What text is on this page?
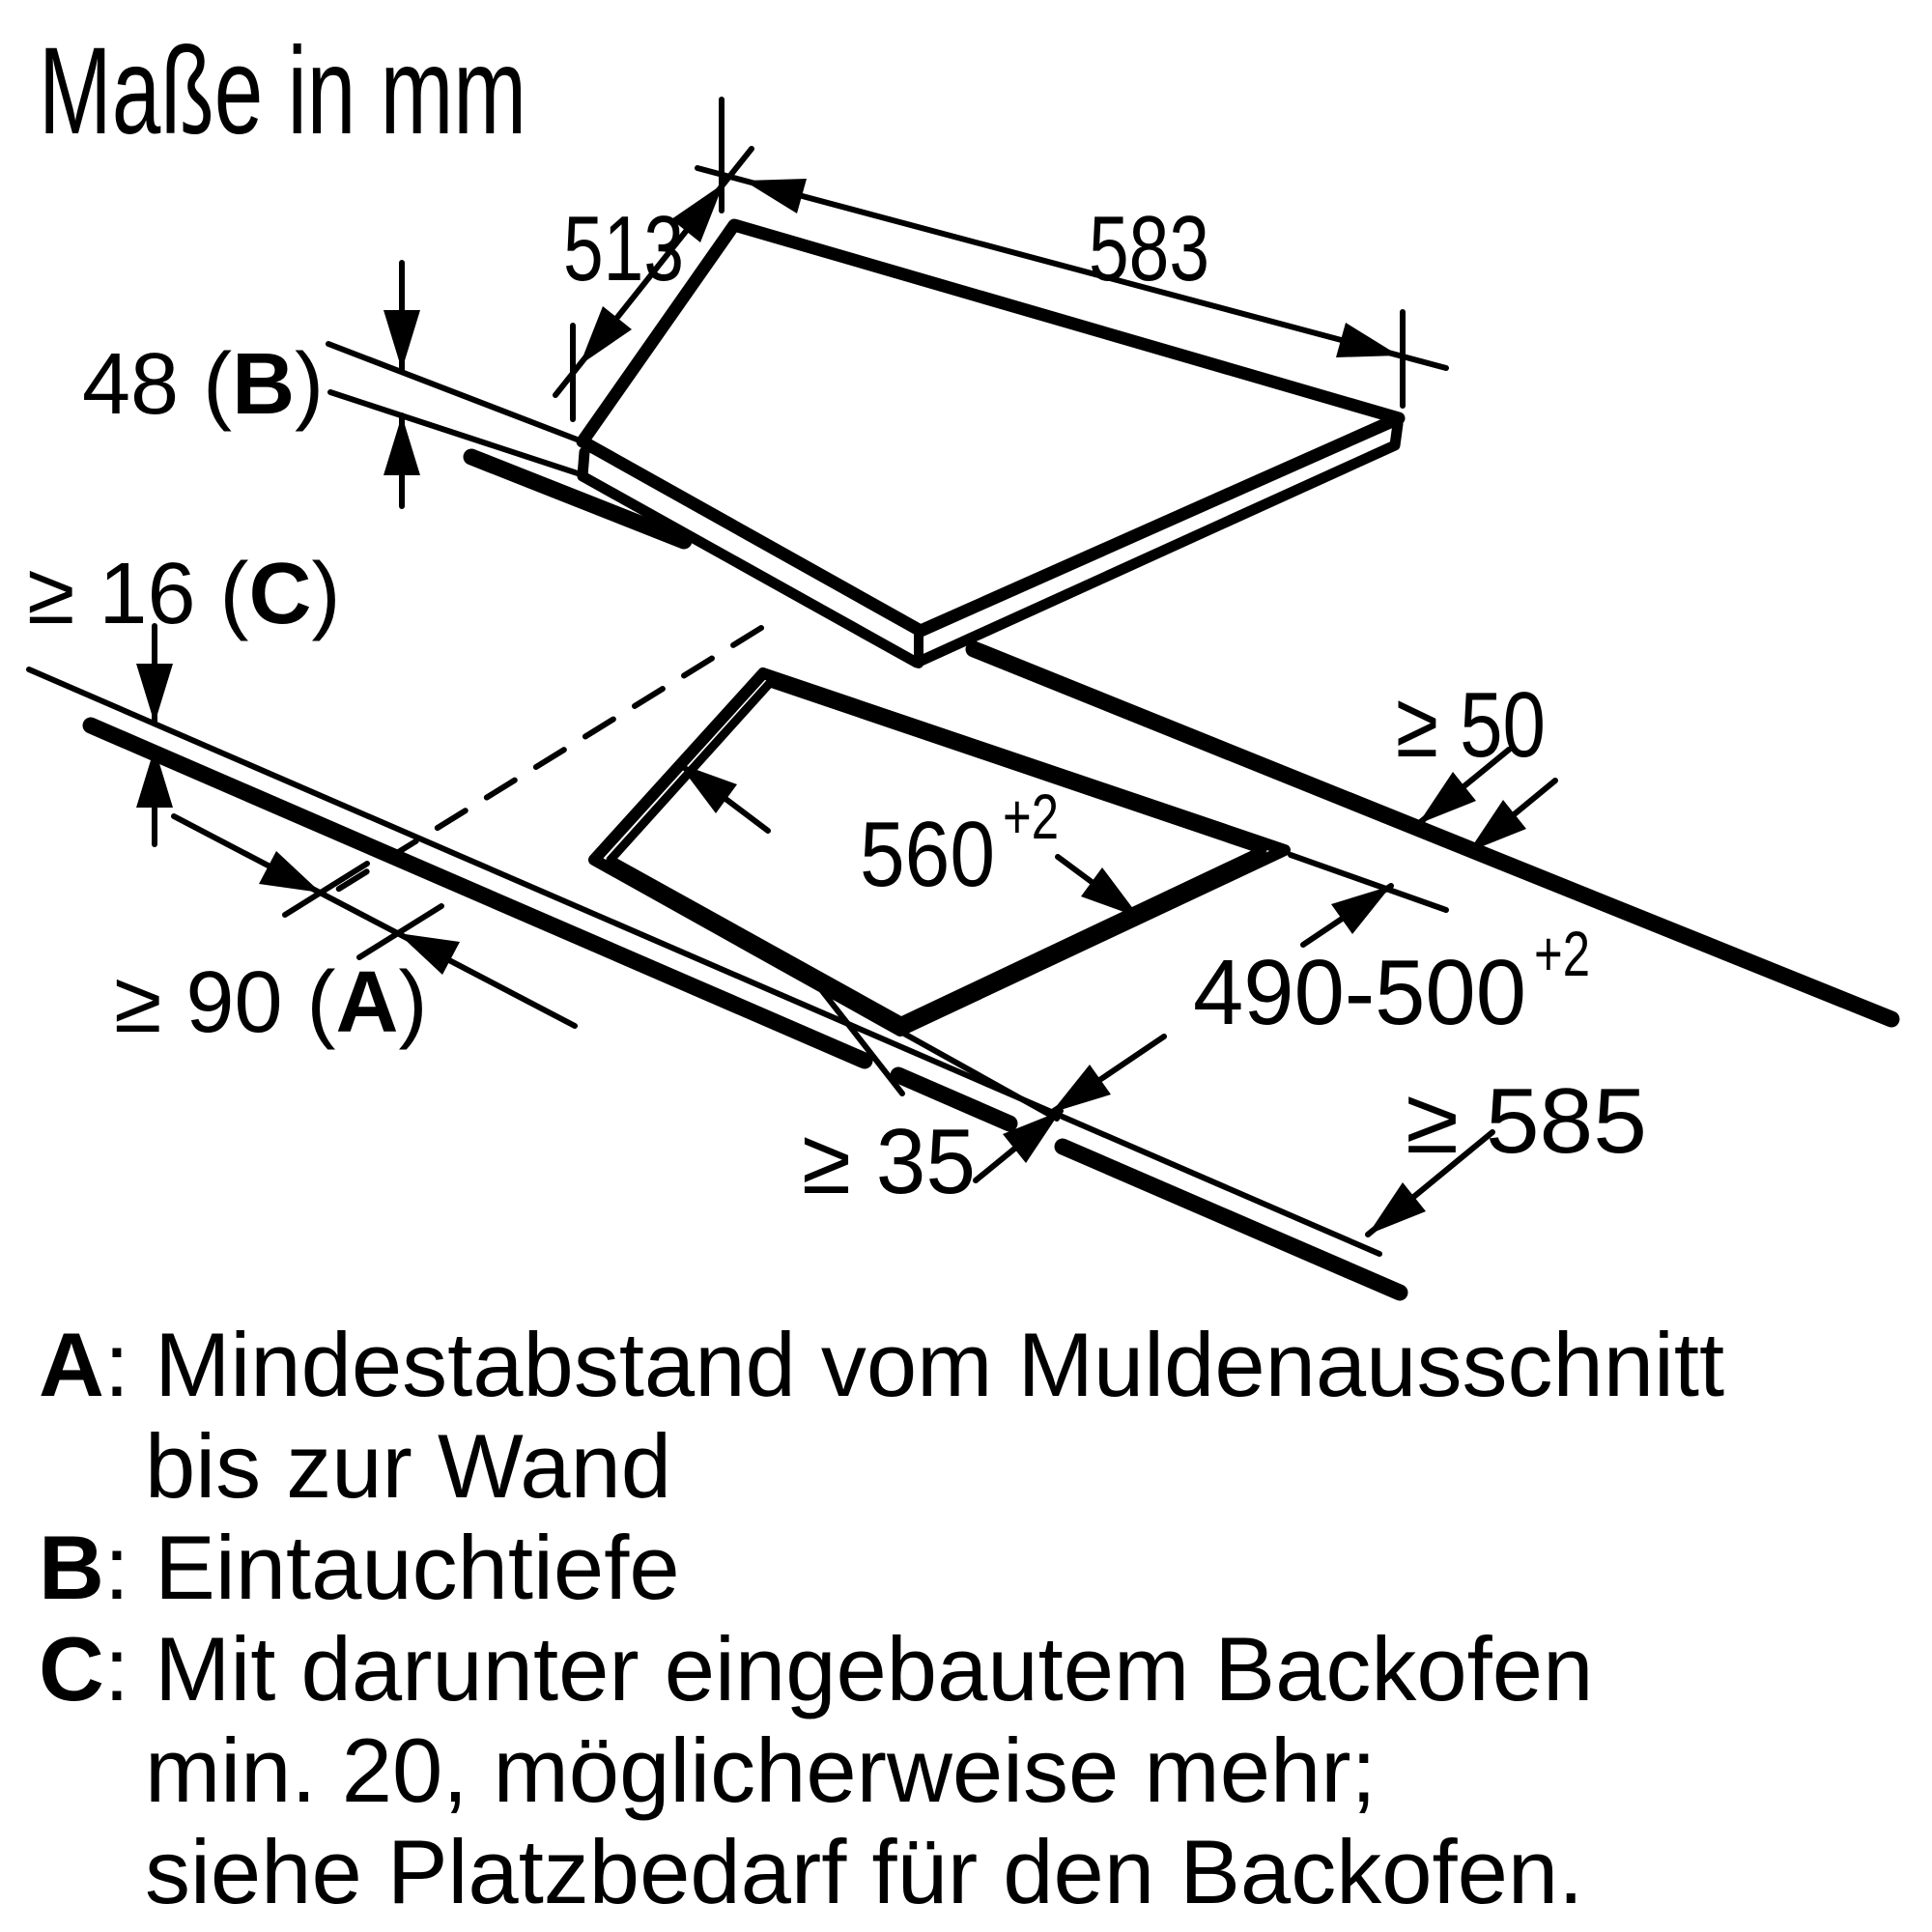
Maße in mm
513	583
48 (B)
≥ 16 (C)
≥ 50
560 +2
490-500 +2
≥ 90 (A)
≥ 35	≥ 585
A: Mindestabstand vom Muldenausschnitt
bis zur Wand
B: Eintauchtiefe
C: Mit darunter eingebautem Backofen
min. 20, möglicherweise mehr;
siehe Platzbedarf für den Backofen.
